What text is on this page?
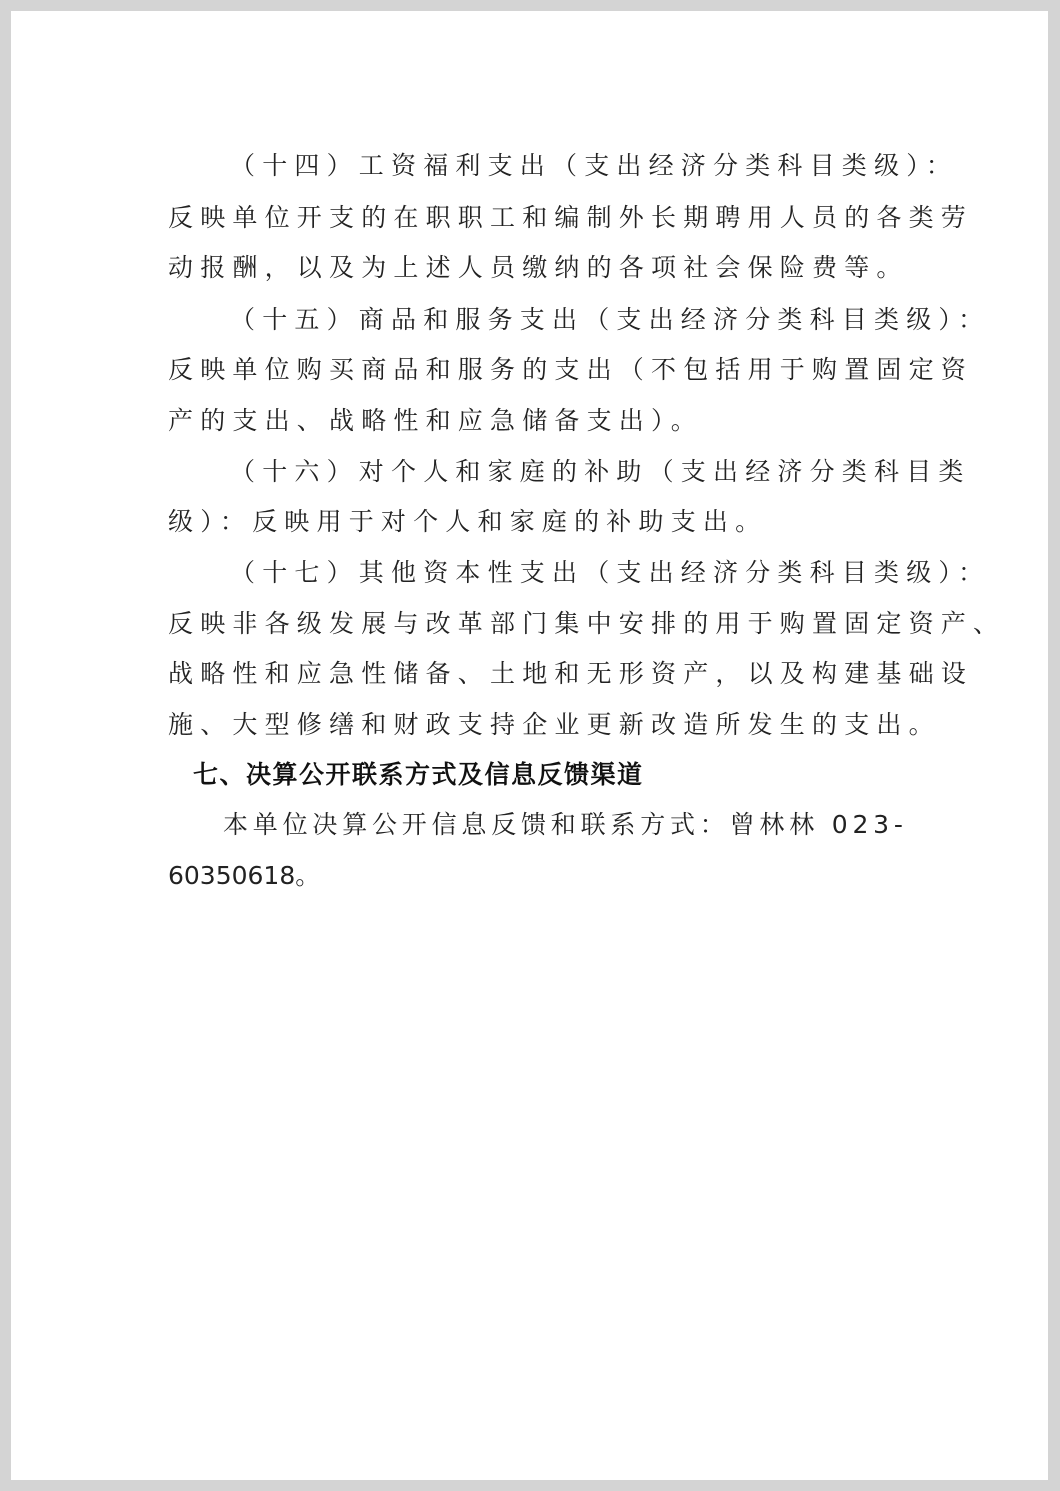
（十四）工资福利支出（支出经济分类科目类级）：
反映单位开支的在职职工和编制外长期聘用人员的各类劳
动报酬，以及为上述人员缴纳的各项社会保险费等。
（十五）商品和服务支出（支出经济分类科目类级）：
反映单位购买商品和服务的支出（不包括用于购置固定资
产的支出、战略性和应急储备支出）。
（十六）对个人和家庭的补助（支出经济分类科目类
级）：反映用于对个人和家庭的补助支出。
（十七）其他资本性支出（支出经济分类科目类级）：
反映非各级发展与改革部门集中安排的用于购置固定资产、
战略性和应急性储备、土地和无形资产，以及构建基础设
施、大型修缮和财政支持企业更新改造所发生的支出。
七、决算公开联系方式及信息反馈渠道
本单位决算公开信息反馈和联系方式：曾林林 023-
60350618。
